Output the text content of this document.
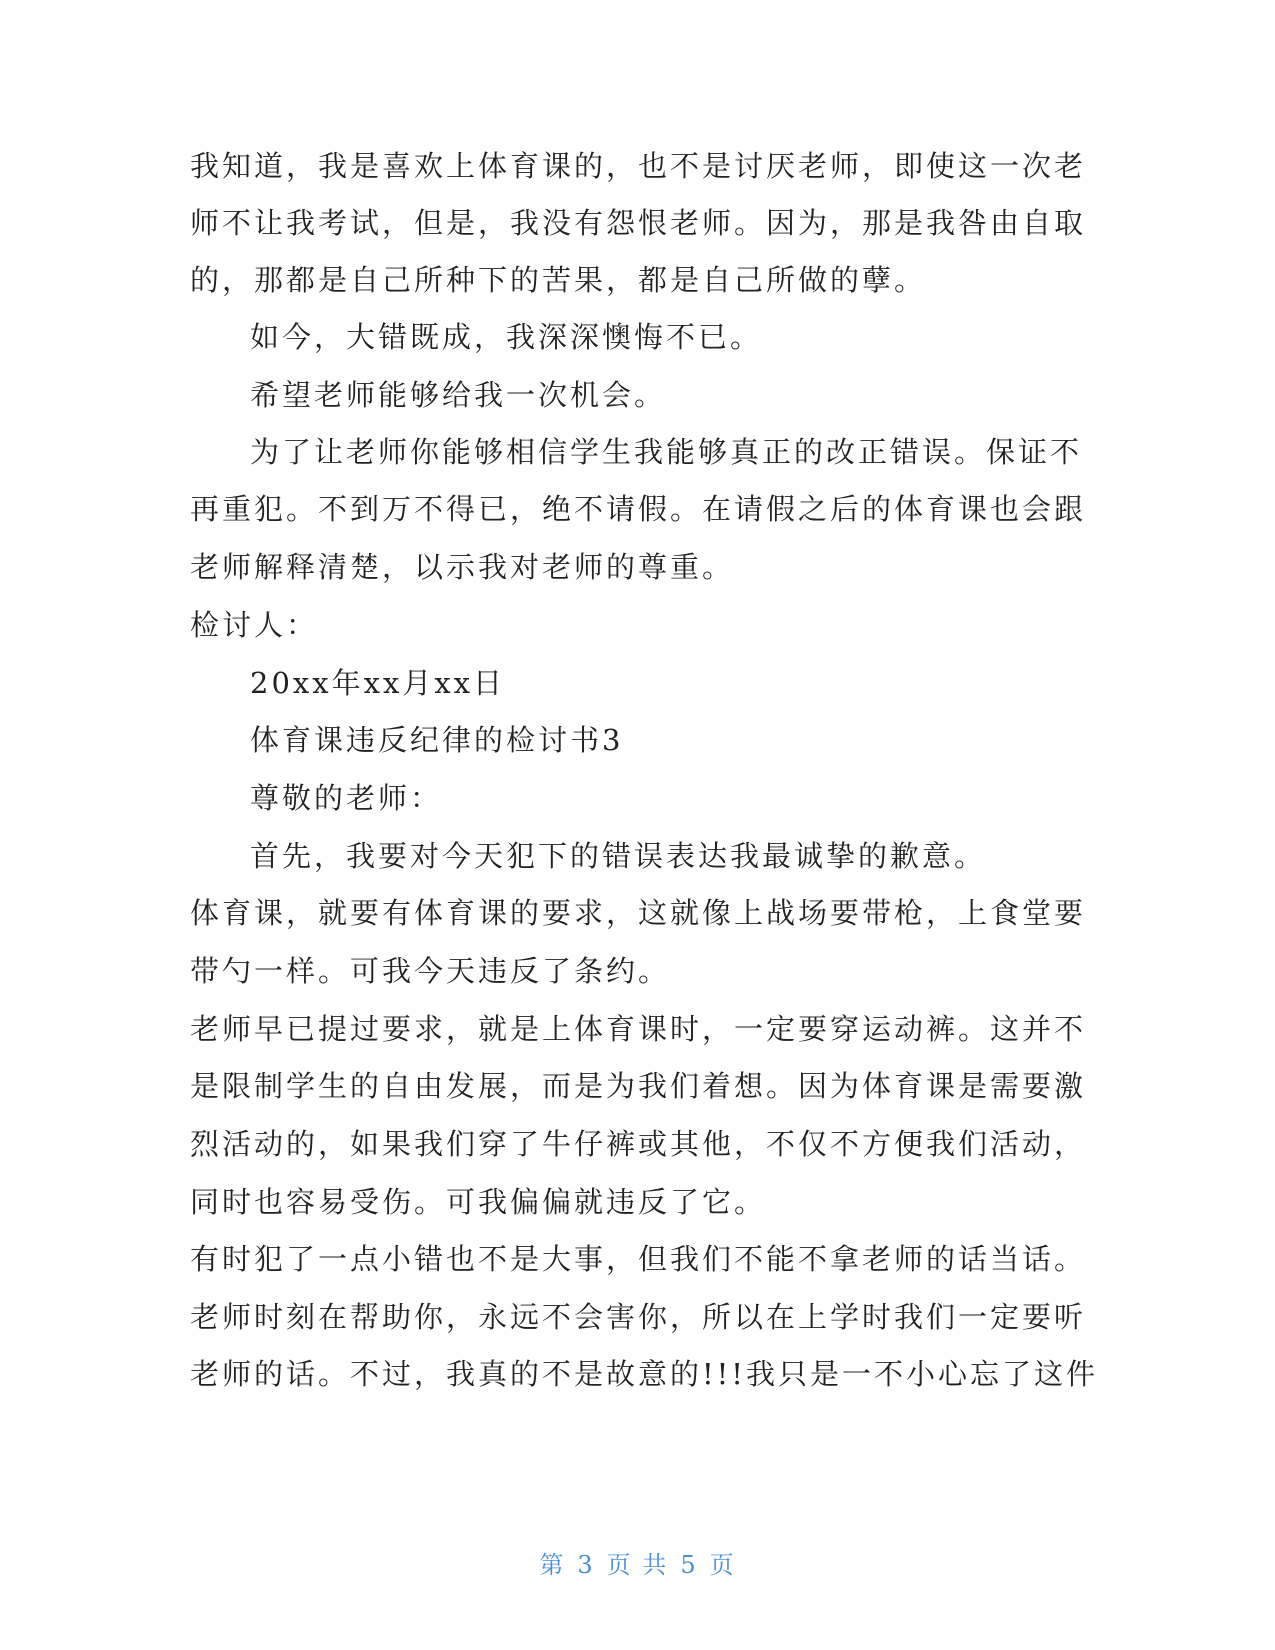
我知道，我是喜欢上体育课的，也不是讨厌老师，即使这一次老
师不让我考试，但是，我没有怨恨老师。因为，那是我咎由自取
的，那都是自己所种下的苦果，都是自己所做的孽。
如今，大错既成，我深深懊悔不已。
希望老师能够给我一次机会。
为了让老师你能够相信学生我能够真正的改正错误。保证不
再重犯。不到万不得已，绝不请假。在请假之后的体育课也会跟
老师解释清楚，以示我对老师的尊重。
检讨人：
20xx年xx月xx日
体育课违反纪律的检讨书3
尊敬的老师：
首先，我要对今天犯下的错误表达我最诚挚的歉意。
体育课，就要有体育课的要求，这就像上战场要带枪，上食堂要
带勺一样。可我今天违反了条约。
老师早已提过要求，就是上体育课时，一定要穿运动裤。这并不
是限制学生的自由发展，而是为我们着想。因为体育课是需要激
烈活动的，如果我们穿了牛仔裤或其他，不仅不方便我们活动，
同时也容易受伤。可我偏偏就违反了它。
有时犯了一点小错也不是大事，但我们不能不拿老师的话当话。
老师时刻在帮助你，永远不会害你，所以在上学时我们一定要听
老师的话。不过，我真的不是故意的!!!我只是一不小心忘了这件
第 3 页 共 5 页
